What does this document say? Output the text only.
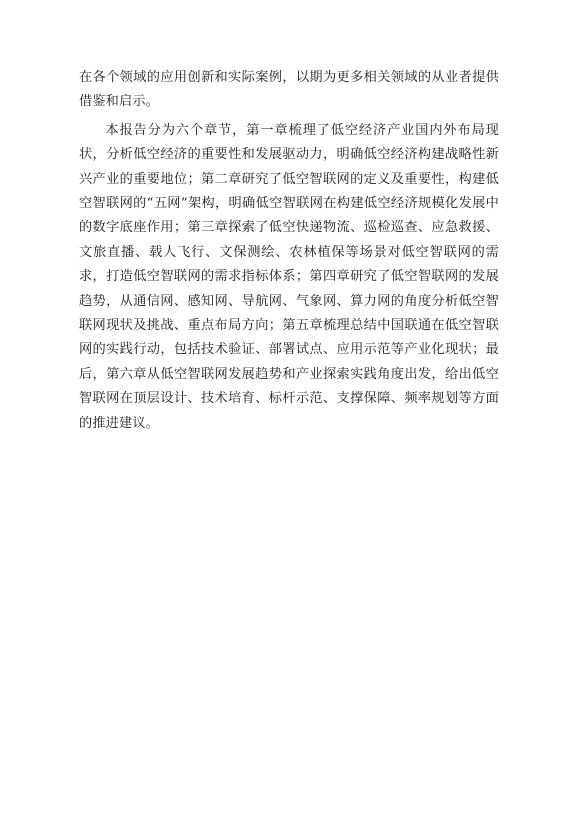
在各个领域的应用创新和实际案例，以期为更多相关领域的从业者提供借鉴和启示。

本报告分为六个章节，第一章梳理了低空经济产业国内外布局现状，分析低空经济的重要性和发展驱动力，明确低空经济构建战略性新兴产业的重要地位；第二章研究了低空智联网的定义及重要性，构建低空智联网的“五网”架构，明确低空智联网在构建低空经济规模化发展中的数字底座作用；第三章探索了低空快递物流、巡检巡查、应急救援、文旅直播、载人飞行、文保测绘、农林植保等场景对低空智联网的需求，打造低空智联网的需求指标体系；第四章研究了低空智联网的发展趋势，从通信网、感知网、导航网、气象网、算力网的角度分析低空智联网现状及挑战、重点布局方向；第五章梳理总结中国联通在低空智联网的实践行动，包括技术验证、部署试点、应用示范等产业化现状；最后，第六章从低空智联网发展趋势和产业探索实践角度出发，给出低空智联网在顶层设计、技术培育、标杆示范、支撑保障、频率规划等方面的推进建议。
